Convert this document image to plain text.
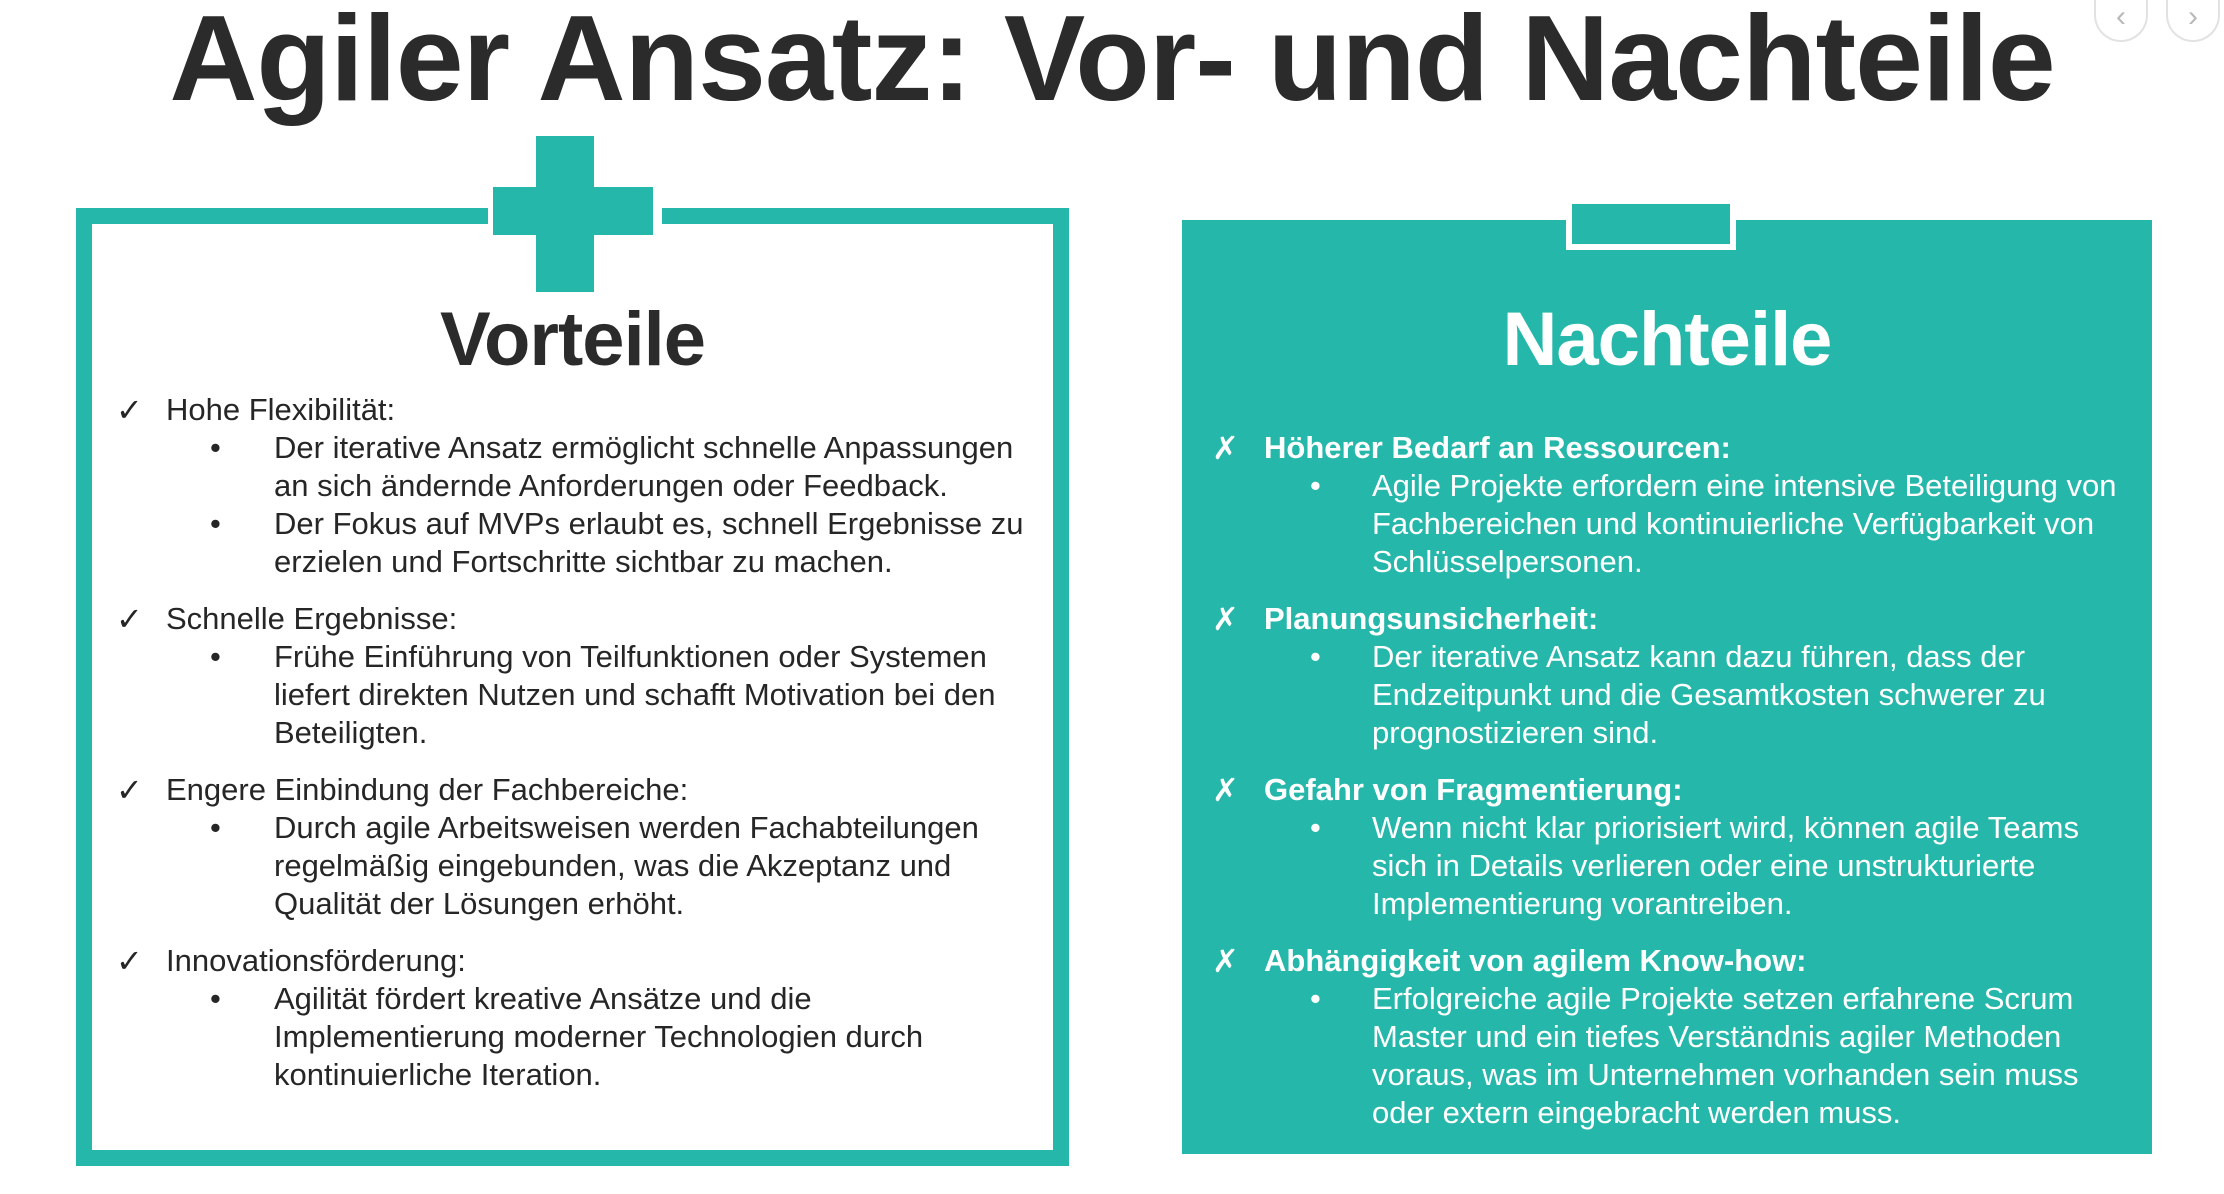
Agiler Ansatz: Vor- und Nachteile	‹	›
Vorteile
✓ Hohe Flexibilität:
• Der iterative Ansatz ermöglicht schnelle Anpassungen an sich ändernde Anforderungen oder Feedback.
• Der Fokus auf MVPs erlaubt es, schnell Ergebnisse zu erzielen und Fortschritte sichtbar zu machen.
✓ Schnelle Ergebnisse:
• Frühe Einführung von Teilfunktionen oder Systemen liefert direkten Nutzen und schafft Motivation bei den Beteiligten.
✓ Engere Einbindung der Fachbereiche:
• Durch agile Arbeitsweisen werden Fachabteilungen regelmäßig eingebunden, was die Akzeptanz und Qualität der Lösungen erhöht.
✓ Innovationsförderung:
• Agilität fördert kreative Ansätze und die Implementierung moderner Technologien durch kontinuierliche Iteration.
Nachteile
✗ Höherer Bedarf an Ressourcen:
• Agile Projekte erfordern eine intensive Beteiligung von Fachbereichen und kontinuierliche Verfügbarkeit von Schlüsselpersonen.
✗ Planungsunsicherheit:
• Der iterative Ansatz kann dazu führen, dass der Endzeitpunkt und die Gesamtkosten schwerer zu prognostizieren sind.
✗ Gefahr von Fragmentierung:
• Wenn nicht klar priorisiert wird, können agile Teams sich in Details verlieren oder eine unstrukturierte Implementierung vorantreiben.
✗ Abhängigkeit von agilem Know-how:
• Erfolgreiche agile Projekte setzen erfahrene Scrum Master und ein tiefes Verständnis agiler Methoden voraus, was im Unternehmen vorhanden sein muss oder extern eingebracht werden muss.
